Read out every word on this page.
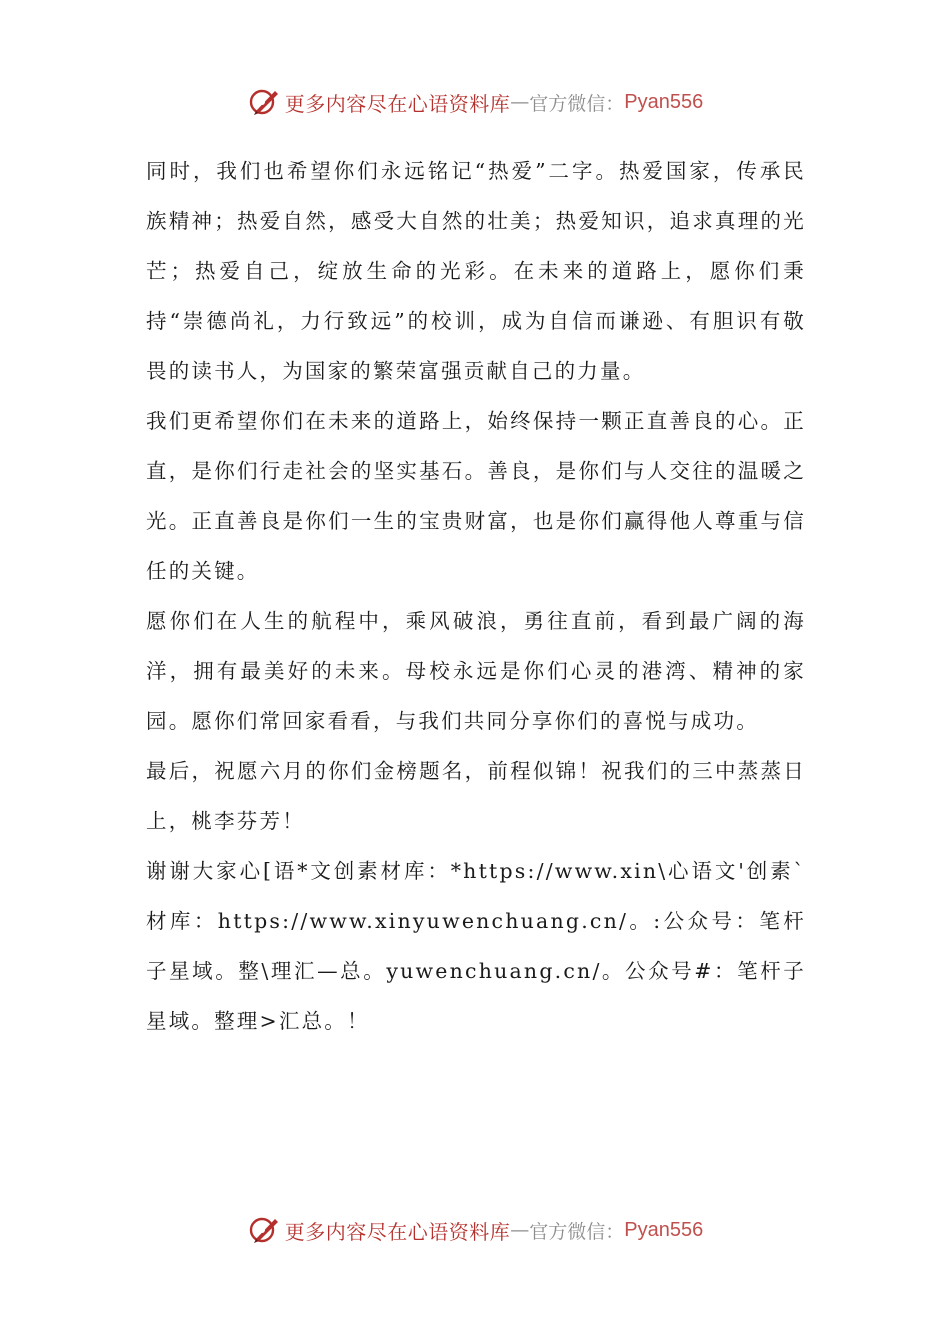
更多内容尽在心语资料库 — 官方微信： Pyan556

同时，我们也希望你们永远铭记“热爱”二字。热爱国家，传承民族精神；热爱自然，感受大自然的壮美；热爱知识，追求真理的光芒；热爱自己，绽放生命的光彩。在未来的道路上，愿你们秉持“崇德尚礼，力行致远”的校训，成为自信而谦逊、有胆识有敬畏的读书人，为国家的繁荣富强贡献自己的力量。

我们更希望你们在未来的道路上，始终保持一颗正直善良的心。正直，是你们行走社会的坚实基石。善良，是你们与人交往的温暖之光。正直善良是你们一生的宝贵财富，也是你们赢得他人尊重与信任的关键。

愿你们在人生的航程中，乘风破浪，勇往直前，看到最广阔的海洋，拥有最美好的未来。母校永远是你们心灵的港湾、精神的家园。愿你们常回家看看，与我们共同分享你们的喜悦与成功。

最后，祝愿六月的你们金榜题名，前程似锦！祝我们的三中蒸蒸日上，桃李芬芳！

谢谢大家心[语*文创素材库：*https://www.xin\心语文'创素`材库：https://www.xinyuwenchuang.cn/。:公众号：笔杆子星域。整\理汇—总。yuwenchuang.cn/。公众号#：笔杆子星域。整理>汇总。！

更多内容尽在心语资料库 — 官方微信： Pyan556
